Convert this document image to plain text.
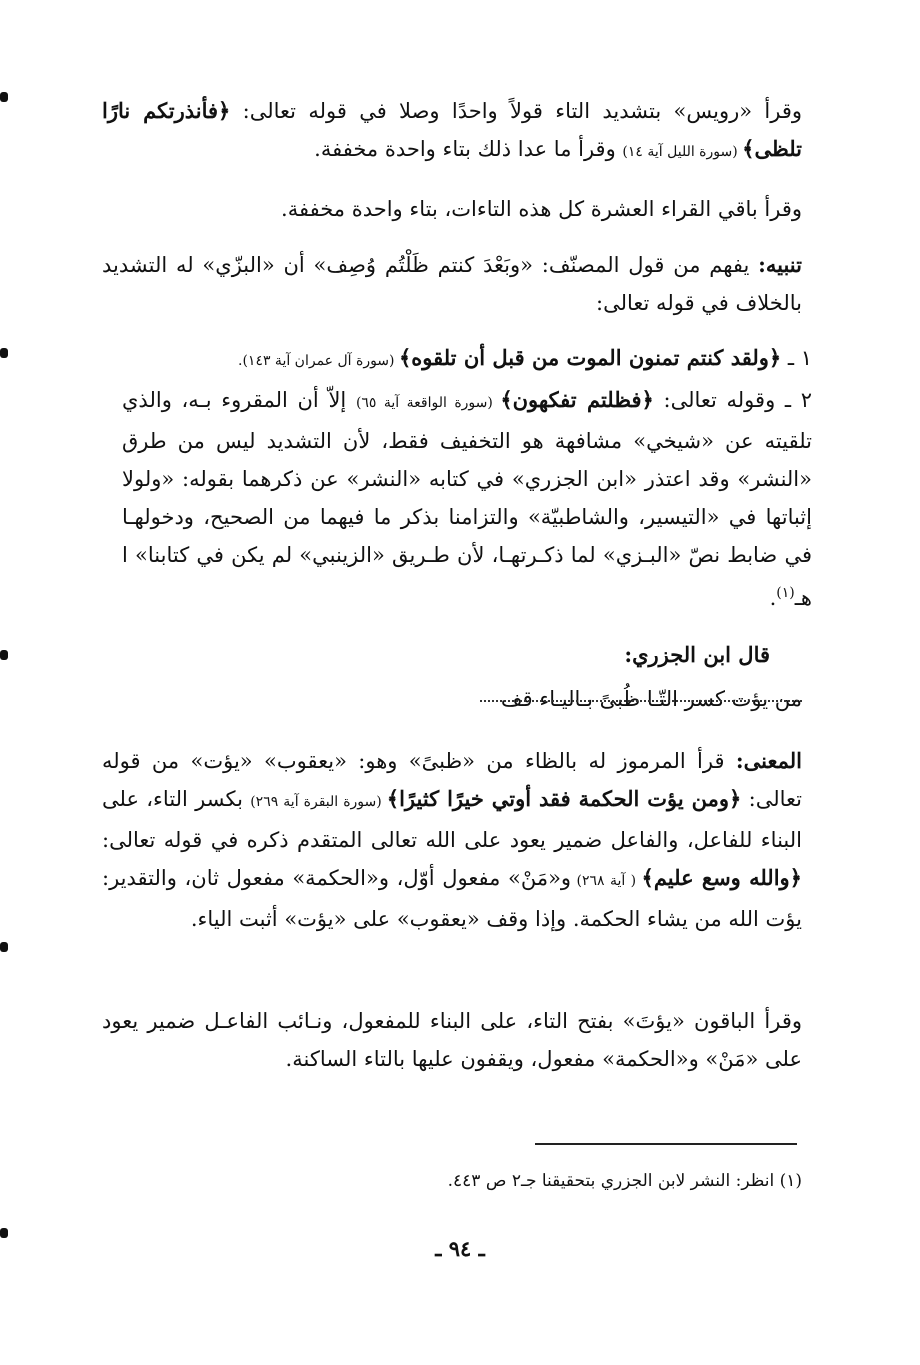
وقرأ «رويس» بتشديد التاء قولاً واحدًا وصلا في قوله تعالى: ﴿فأنذرتكم نارًا تلظى﴾ (سورة الليل آية ١٤) وقرأ ما عدا ذلك بتاء واحدة مخففة.
وقرأ باقي القراء العشرة كل هذه التاءات، بتاء واحدة مخففة.
تنبيه: يفهم من قول المصنّف: «وبَعْدَ كنتم ظَلْتُم وُصِف» أن «البزّي» له التشديد بالخلاف في قوله تعالى:
١ ـ ﴿ولقد كنتم تمنون الموت من قبل أن تلقوه﴾ (سورة آل عمران آية ١٤٣).
٢ ـ وقوله تعالى: ﴿فظلتم تفكهون﴾ (سورة الواقعة آية ٦٥) إلاّ أن المقروء بـه، والذي تلقيته عن «شيخي» مشافهة هو التخفيف فقط، لأن التشديد ليس من طرق «النشر» وقد اعتذر «ابن الجزري» في كتابه «النشر» عن ذكرهما بقوله: «ولولا إثباتها في «التيسير، والشاطبيّة» والتزامنا بذكر ما فيهما من الصحيح، ودخولهـا في ضابط نصّ «البـزي» لما ذكـرتهـا، لأن طـريق «الزينبي» لم يكن في كتابنا» ا هـ$^{(١)}$.
قال ابن الجزري:
من يؤت كسر التّـا ظُبىً بـاليـاء قف
المعنى: قرأ المرموز له بالظاء من «ظبىً» وهو: «يعقوب» «يؤت» من قوله تعالى: ﴿ومن يؤت الحكمة فقد أوتي خيرًا كثيرًا﴾ (سورة البقرة آية ٢٦٩) بكسر التاء، على البناء للفاعل، والفاعل ضمير يعود على الله تعالى المتقدم ذكره في قوله تعالى: ﴿والله وسع عليم﴾ ( آية ٢٦٨) و«مَنْ» مفعول أوّل، و«الحكمة» مفعول ثان، والتقدير: يؤت الله من يشاء الحكمة. وإذا وقف «يعقوب» على «يؤت» أثبت الياء.
وقرأ الباقون «يؤتَ» بفتح التاء، على البناء للمفعول، ونـائب الفاعـل ضمير يعود على «مَنْ» و«الحكمة» مفعول، ويقفون عليها بالتاء الساكنة.
(١) انظر: النشر لابن الجزري بتحقيقنا جـ٢ ص ٤٤٣.
ـ ٩٤ ـ
